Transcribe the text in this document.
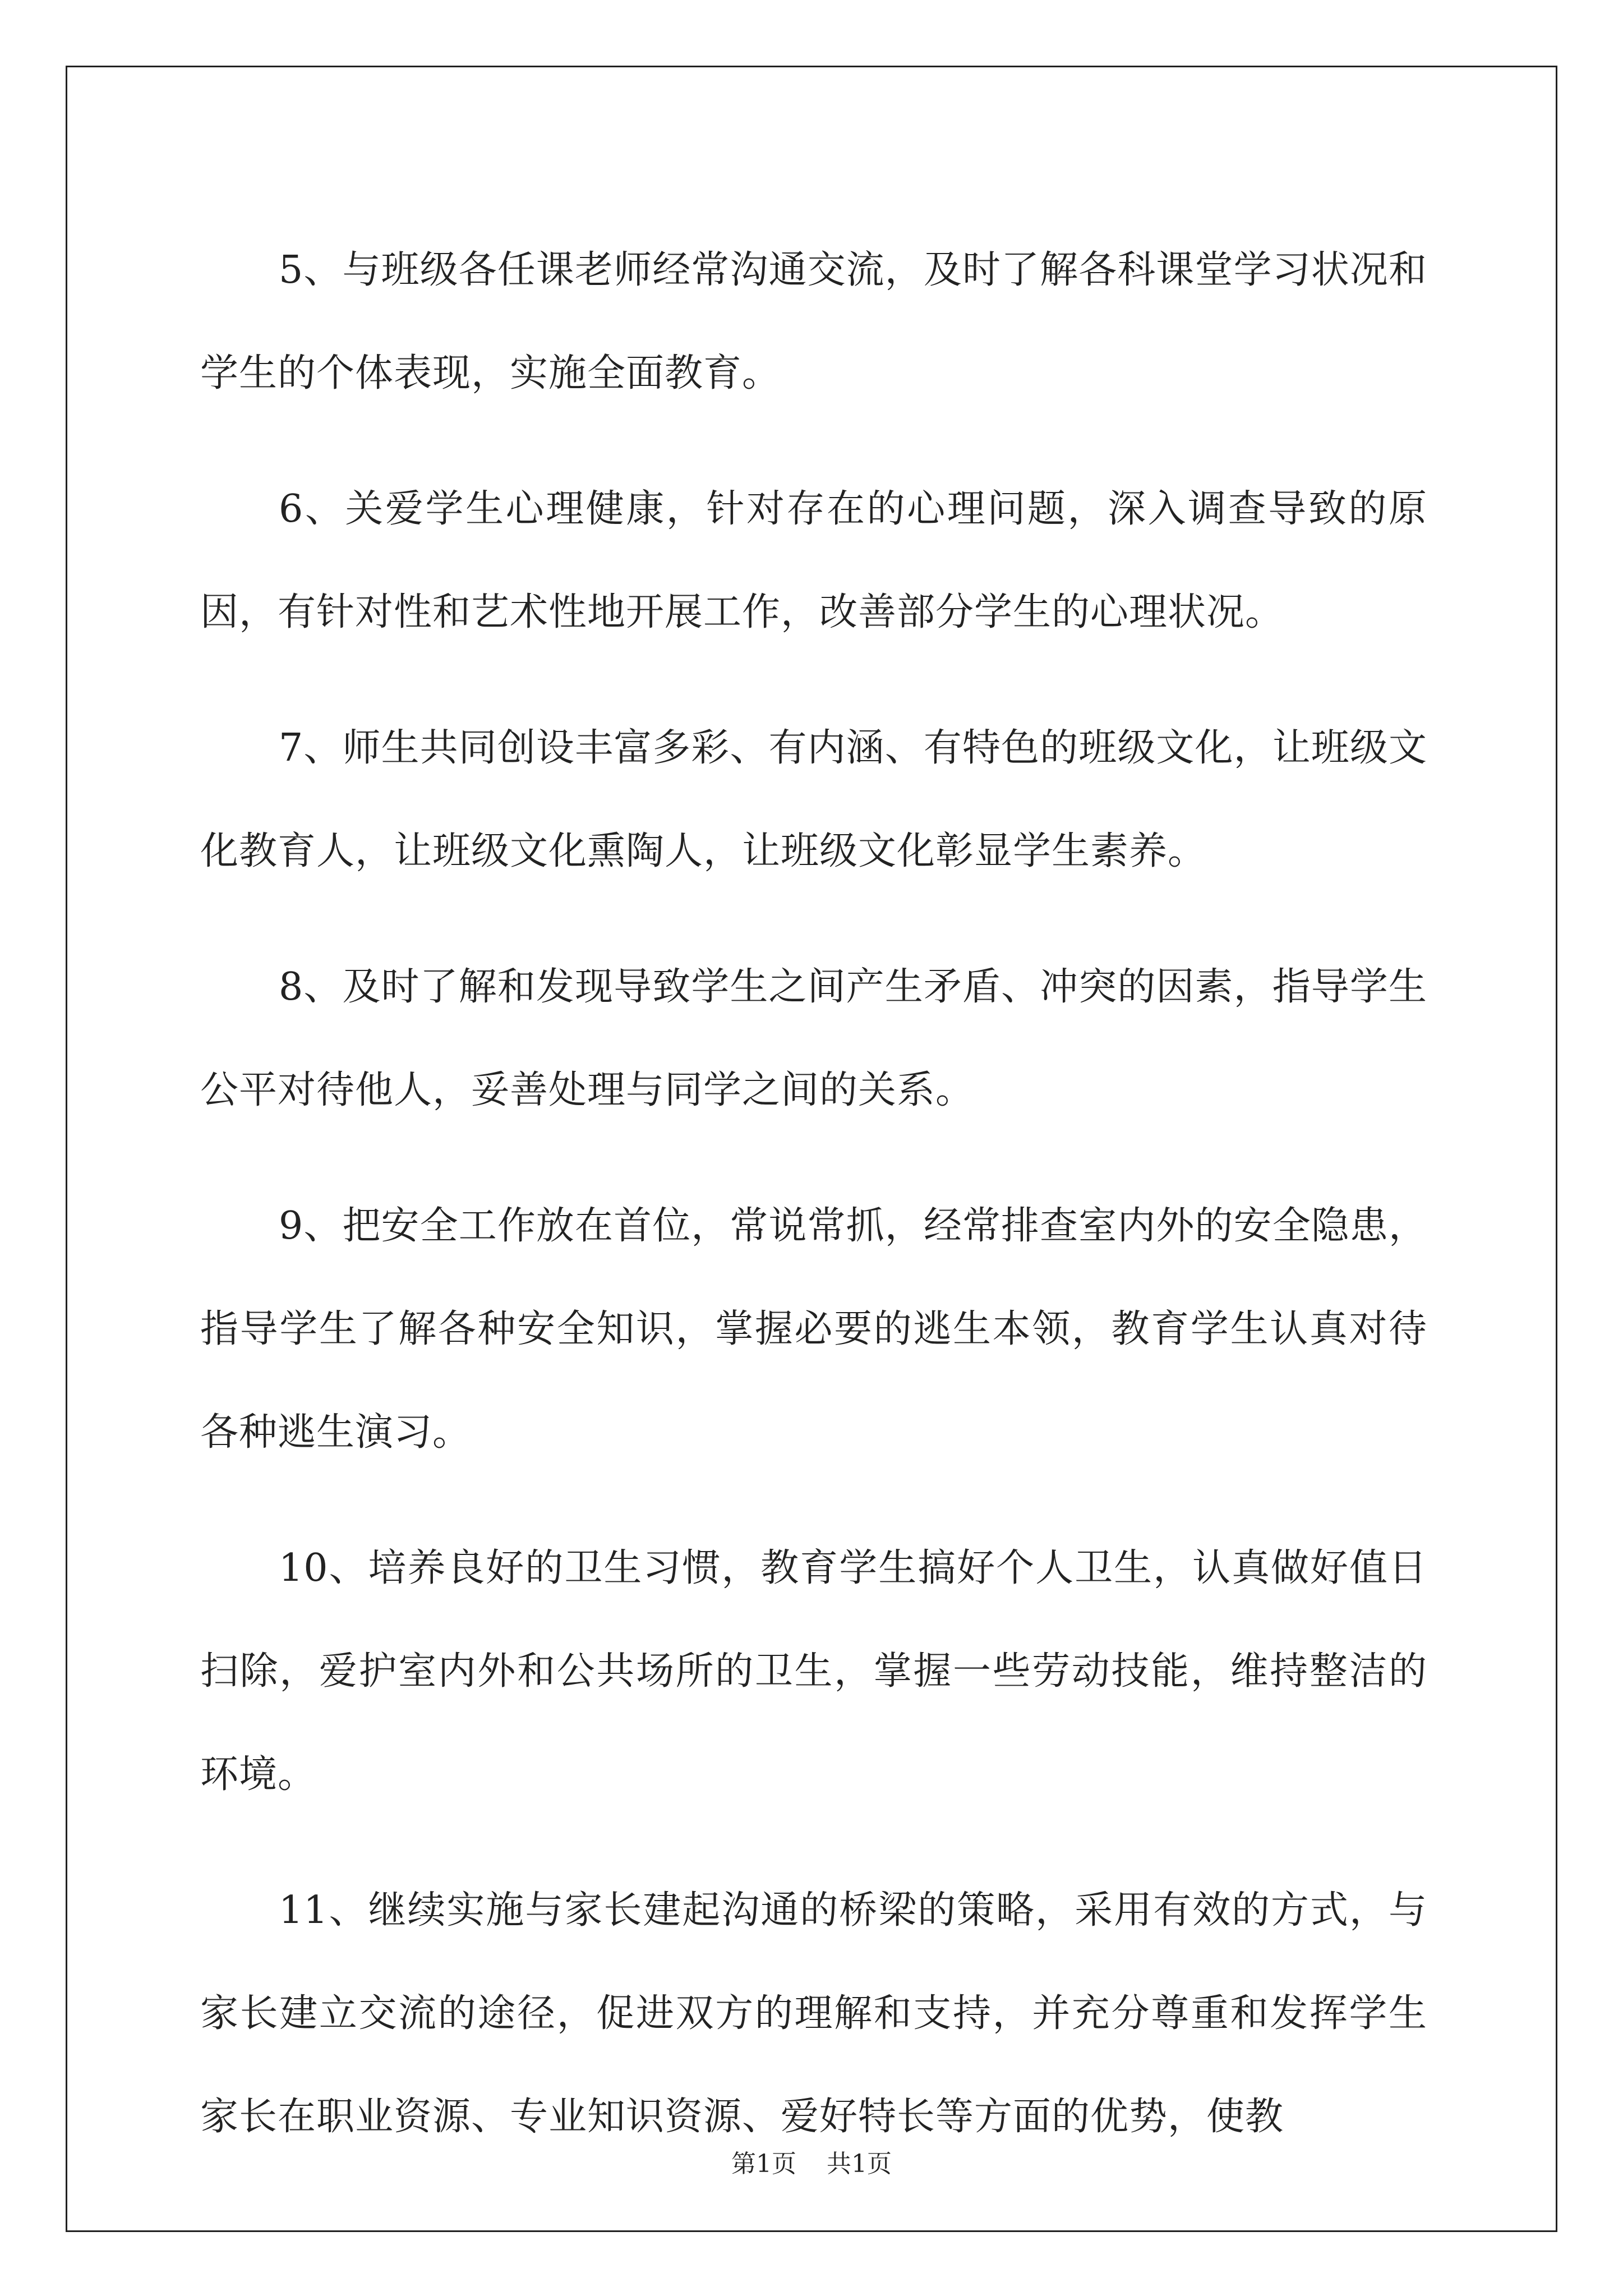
5、与班级各任课老师经常沟通交流，及时了解各科课堂学习状况和学生的个体表现，实施全面教育。

6、关爱学生心理健康，针对存在的心理问题，深入调查导致的原因，有针对性和艺术性地开展工作，改善部分学生的心理状况。

7、师生共同创设丰富多彩、有内涵、有特色的班级文化，让班级文化教育人，让班级文化熏陶人，让班级文化彰显学生素养。

8、及时了解和发现导致学生之间产生矛盾、冲突的因素，指导学生公平对待他人，妥善处理与同学之间的关系。

9、把安全工作放在首位，常说常抓，经常排查室内外的安全隐患，指导学生了解各种安全知识，掌握必要的逃生本领，教育学生认真对待各种逃生演习。

10、培养良好的卫生习惯，教育学生搞好个人卫生，认真做好值日扫除，爱护室内外和公共场所的卫生，掌握一些劳动技能，维持整洁的环境。

11、继续实施与家长建起沟通的桥梁的策略，采用有效的方式，与家长建立交流的途径，促进双方的理解和支持，并充分尊重和发挥学生家长在职业资源、专业知识资源、爱好特长等方面的优势，使教

第1页 共1页
